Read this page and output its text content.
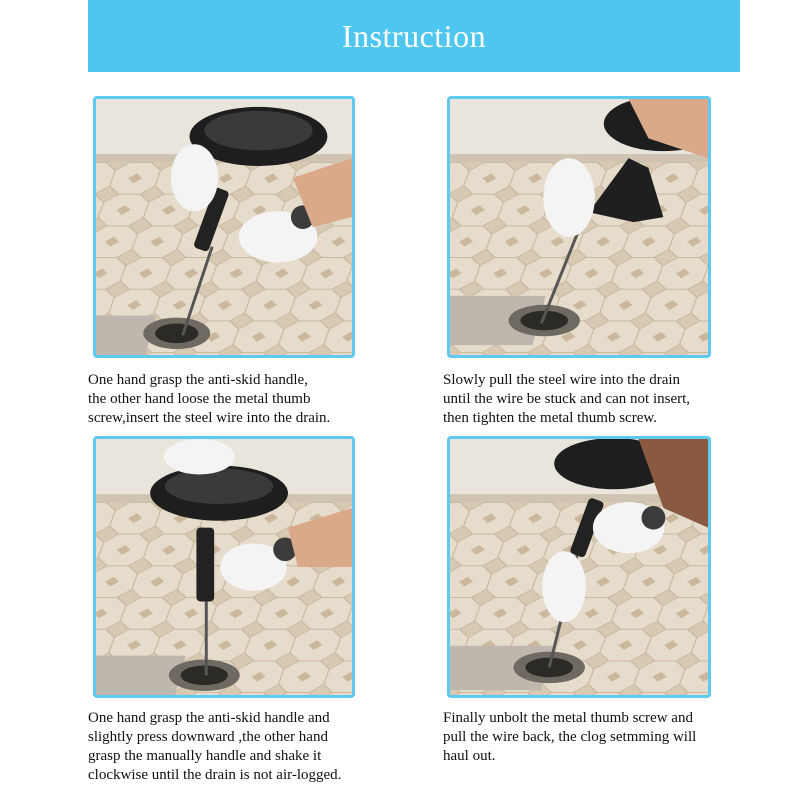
Instruction
One hand grasp the anti-skid handle,
the other hand loose the metal thumb
screw,insert the steel wire into the drain.
Slowly pull the steel wire into the drain
until the wire be stuck and can not insert,
then tighten the metal thumb screw.
One hand grasp the anti-skid handle and
slightly press downward ,the other hand
grasp the manually handle and shake it
clockwise until the drain is not air-logged.
Finally unbolt the metal thumb screw and
pull the wire back, the clog setmming will
haul out.
